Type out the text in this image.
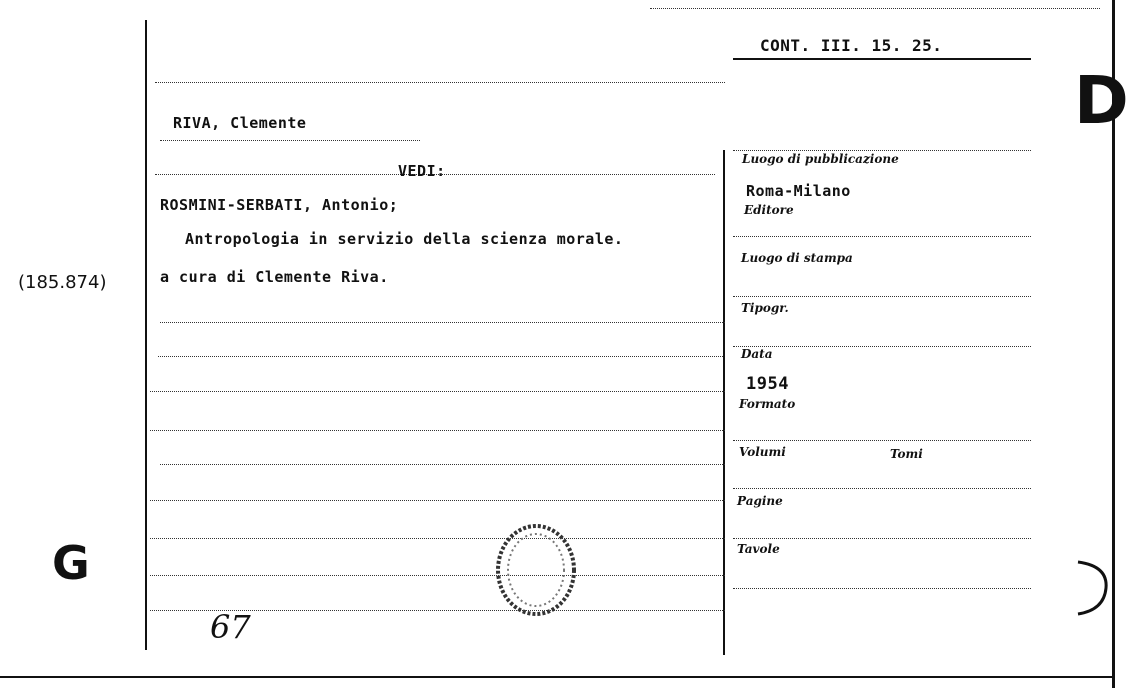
CONT. III. 15. 25.
D
RIVA, Clemente
VEDI:
ROSMINI-SERBATI, Antonio;
Antropologia in servizio della scienza morale.
a cura di Clemente Riva.
(185.874)
G
67
Luogo di pubblicazione
Roma-Milano
Editore
Luogo di stampa
Tipogr.
Data
1954
Formato
Volumi	Tomi
Pagine
Tavole
